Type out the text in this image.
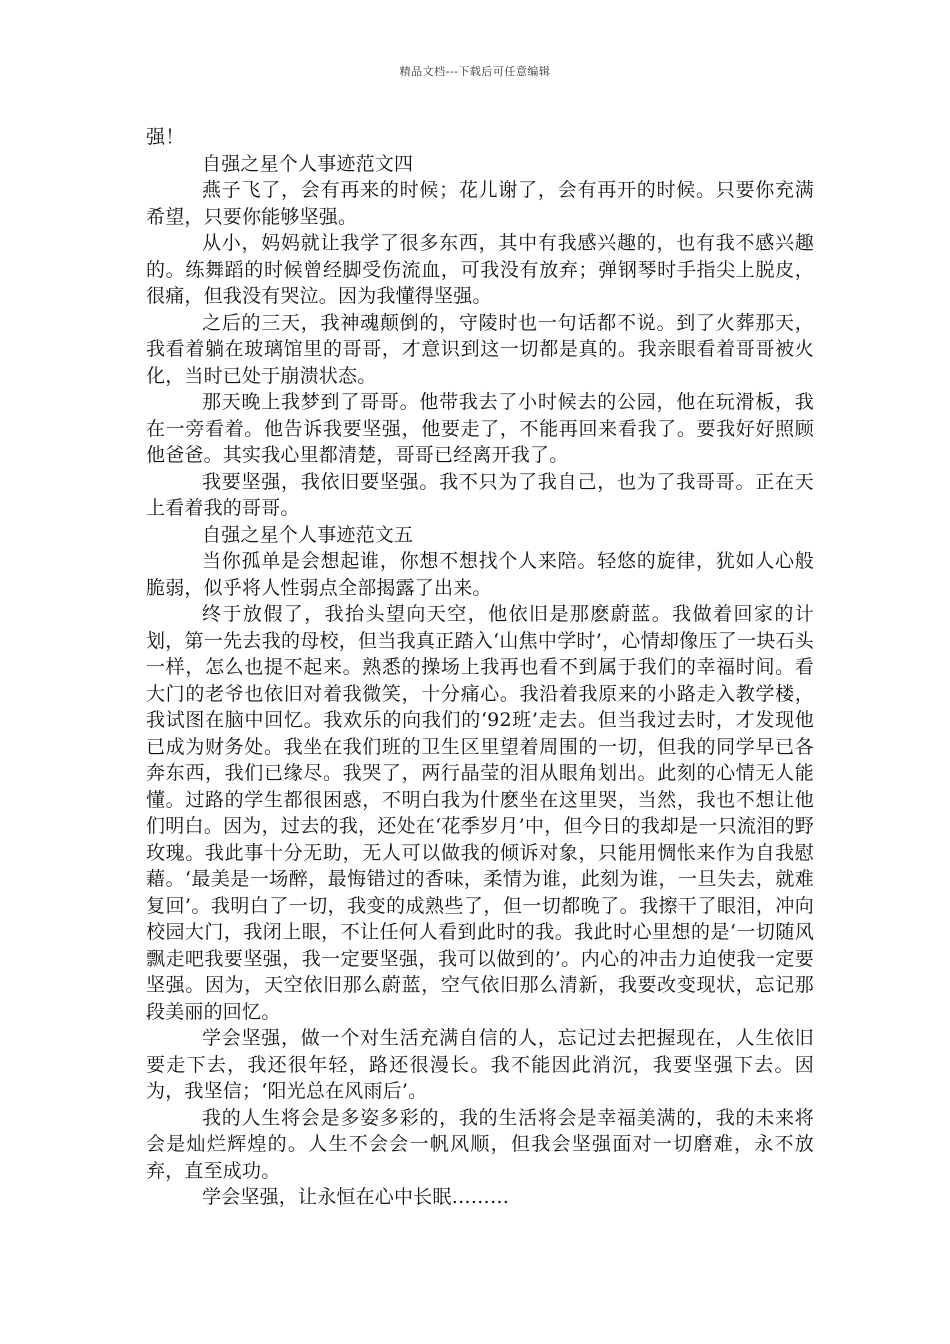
精品文档---下载后可任意编辑

强！

自强之星个人事迹范文四

燕子飞了，会有再来的时候；花儿谢了，会有再开的时候。只要你充满希望，只要你能够坚强。

从小，妈妈就让我学了很多东西，其中有我感兴趣的，也有我不感兴趣的。练舞蹈的时候曾经脚受伤流血，可我没有放弃；弹钢琴时手指尖上脱皮，很痛，但我没有哭泣。因为我懂得坚强。

之后的三天，我神魂颠倒的，守陵时也一句话都不说。到了火葬那天，我看着躺在玻璃馆里的哥哥，才意识到这一切都是真的。我亲眼看着哥哥被火化，当时已处于崩溃状态。

那天晚上我梦到了哥哥。他带我去了小时候去的公园，他在玩滑板，我在一旁看着。他告诉我要坚强，他要走了，不能再回来看我了。要我好好照顾他爸爸。其实我心里都清楚，哥哥已经离开我了。

我要坚强，我依旧要坚强。我不只为了我自己，也为了我哥哥。正在天上看着我的哥哥。

自强之星个人事迹范文五

当你孤单是会想起谁，你想不想找个人来陪。轻悠的旋律，犹如人心般脆弱，似乎将人性弱点全部揭露了出来。

终于放假了，我抬头望向天空，他依旧是那麽蔚蓝。我做着回家的计划，第一先去我的母校，但当我真正踏入‘山焦中学时’，心情却像压了一块石头一样，怎么也提不起来。熟悉的操场上我再也看不到属于我们的幸福时间。看大门的老爷也依旧对着我微笑，十分痛心。我沿着我原来的小路走入教学楼，我试图在脑中回忆。我欢乐的向我们的‘92班’走去。但当我过去时，才发现他已成为财务处。我坐在我们班的卫生区里望着周围的一切，但我的同学早已各奔东西，我们已缘尽。我哭了，两行晶莹的泪从眼角划出。此刻的心情无人能懂。过路的学生都很困惑，不明白我为什麽坐在这里哭，当然，我也不想让他们明白。因为，过去的我，还处在‘花季岁月’中，但今日的我却是一只流泪的野玫瑰。我此事十分无助，无人可以做我的倾诉对象，只能用惆怅来作为自我慰藉。‘最美是一场醉，最悔错过的香味，柔情为谁，此刻为谁，一旦失去，就难复回’。我明白了一切，我变的成熟些了，但一切都晚了。我擦干了眼泪，冲向校园大门，我闭上眼，不让任何人看到此时的我。我此时心里想的是‘一切随风飘走吧我要坚强，我一定要坚强，我可以做到的’。内心的冲击力迫使我一定要坚强。因为，天空依旧那么蔚蓝，空气依旧那么清新，我要改变现状，忘记那段美丽的回忆。

学会坚强，做一个对生活充满自信的人，忘记过去把握现在，人生依旧要走下去，我还很年轻，路还很漫长。我不能因此消沉，我要坚强下去。因为，我坚信；‘阳光总在风雨后’。

我的人生将会是多姿多彩的，我的生活将会是幸福美满的，我的未来将会是灿烂辉煌的。人生不会会一帆风顺，但我会坚强面对一切磨难，永不放弃，直至成功。

学会坚强，让永恒在心中长眠………
